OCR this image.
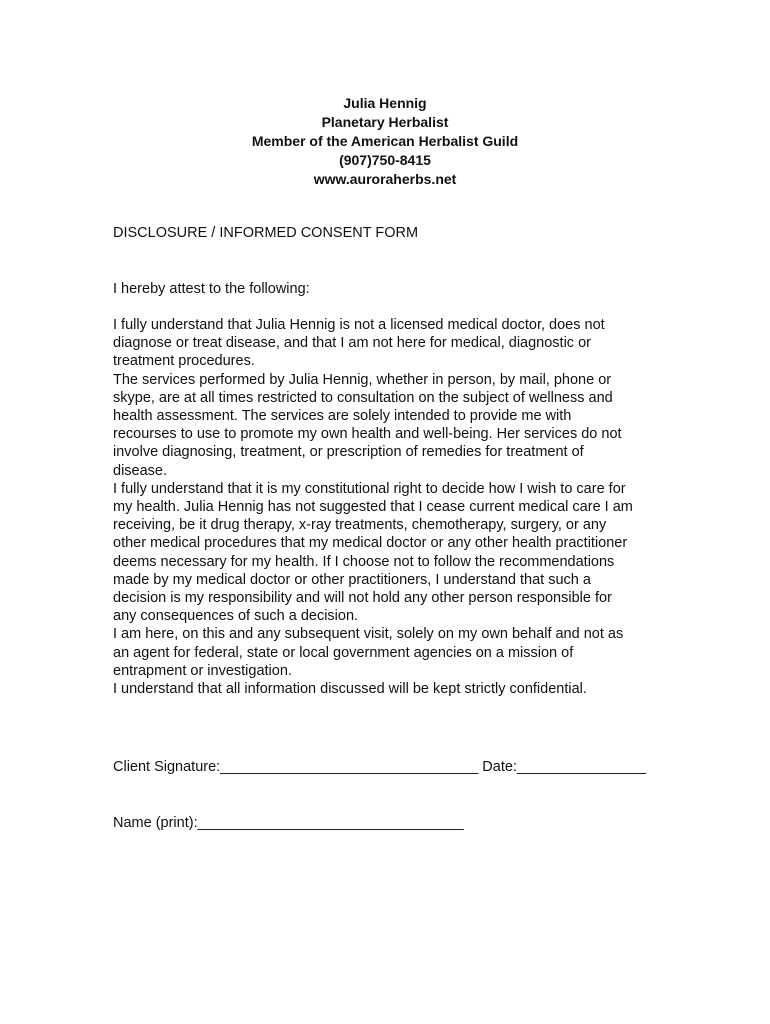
Julia Hennig
Planetary Herbalist
Member of the American Herbalist Guild
(907)750-8415
www.auroraherbs.net
DISCLOSURE / INFORMED CONSENT FORM
I hereby attest to the following:
I fully understand that Julia Hennig is not a licensed medical doctor, does not
diagnose or treat disease, and that I am not here for medical, diagnostic or
treatment procedures.
The services performed by Julia Hennig, whether in person, by mail, phone or
skype, are at all times restricted to consultation on the subject of wellness and
health assessment. The services are solely intended to provide me with
recourses to use to promote my own health and well-being. Her services do not
involve diagnosing, treatment, or prescription of remedies for treatment of
disease.
I fully understand that it is my constitutional right to decide how I wish to care for
my health. Julia Hennig has not suggested that I cease current medical care I am
receiving, be it drug therapy, x-ray treatments, chemotherapy, surgery, or any
other medical procedures that my medical doctor or any other health practitioner
deems necessary for my health. If I choose not to follow the recommendations
made by my medical doctor or other practitioners, I understand that such a
decision is my responsibility and will not hold any other person responsible for
any consequences of such a decision.
I am here, on this and any subsequent visit, solely on my own behalf and not as
an agent for federal, state or local government agencies on a mission of
entrapment or investigation.
I understand that all information discussed will be kept strictly confidential.
Client Signature:________________________________ Date:________________
Name (print):_________________________________
